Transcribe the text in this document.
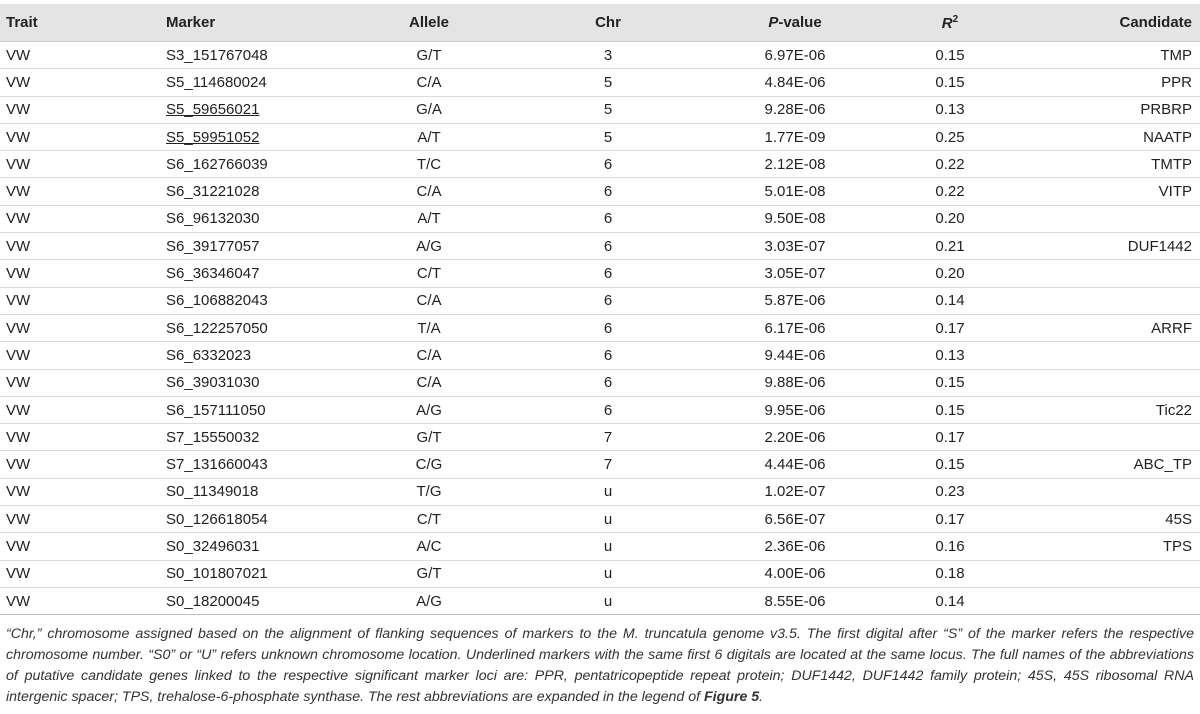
Trait	Marker	Allele	Chr	P-value	$R^2$	Candidate
VW	S3_151767048	G/T	3	6.97E-06	0.15	TMP
VW	S5_114680024	C/A	5	4.84E-06	0.15	PPR
VW	S5_59656021	G/A	5	9.28E-06	0.13	PRBRP
VW	S5_59951052	A/T	5	1.77E-09	0.25	NAATP
VW	S6_162766039	T/C	6	2.12E-08	0.22	TMTP
VW	S6_31221028	C/A	6	5.01E-08	0.22	VITP
VW	S6_96132030	A/T	6	9.50E-08	0.20	
VW	S6_39177057	A/G	6	3.03E-07	0.21	DUF1442
VW	S6_36346047	C/T	6	3.05E-07	0.20	
VW	S6_106882043	C/A	6	5.87E-06	0.14	
VW	S6_122257050	T/A	6	6.17E-06	0.17	ARRF
VW	S6_6332023	C/A	6	9.44E-06	0.13	
VW	S6_39031030	C/A	6	9.88E-06	0.15	
VW	S6_157111050	A/G	6	9.95E-06	0.15	Tic22
VW	S7_15550032	G/T	7	2.20E-06	0.17	
VW	S7_131660043	C/G	7	4.44E-06	0.15	ABC_TP
VW	S0_11349018	T/G	u	1.02E-07	0.23	
VW	S0_126618054	C/T	u	6.56E-07	0.17	45S
VW	S0_32496031	A/C	u	2.36E-06	0.16	TPS
VW	S0_101807021	G/T	u	4.00E-06	0.18	
VW	S0_18200045	A/G	u	8.55E-06	0.14	
“Chr,” chromosome assigned based on the alignment of flanking sequences of markers to the M. truncatula genome v3.5. The first digital after “S” of the marker refers the respective chromosome number. “S0” or “U” refers unknown chromosome location. Underlined markers with the same first 6 digitals are located at the same locus. The full names of the abbreviations of putative candidate genes linked to the respective significant marker loci are: PPR, pentatricopeptide repeat protein; DUF1442, DUF1442 family protein; 45S, 45S ribosomal RNA intergenic spacer; TPS, trehalose-6-phosphate synthase. The rest abbreviations are expanded in the legend of Figure 5.
